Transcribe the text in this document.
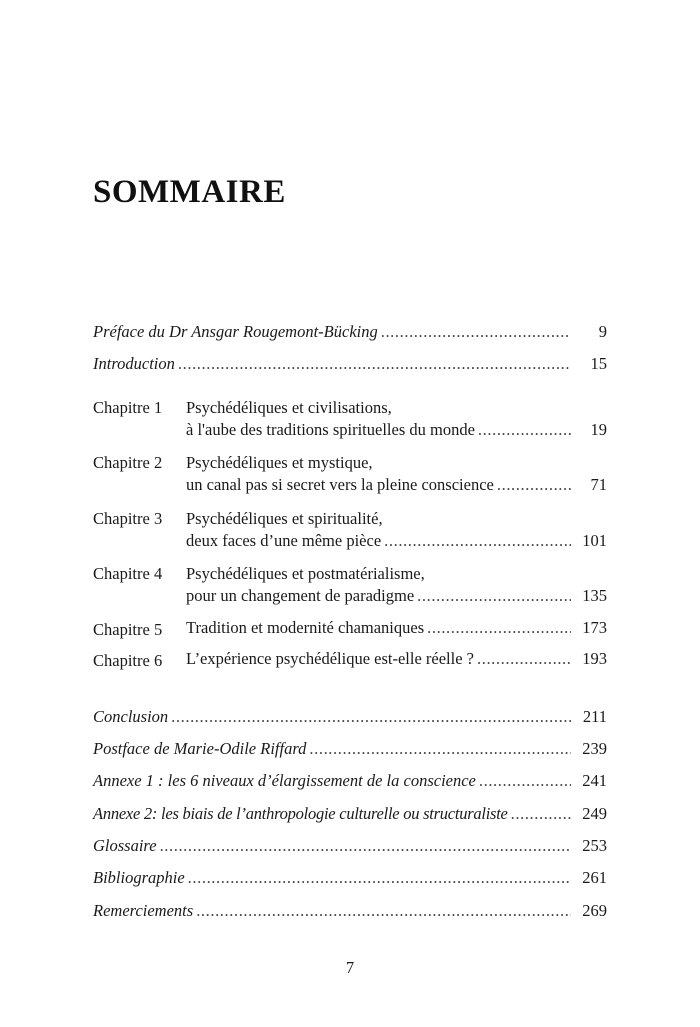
SOMMAIRE
Préface du Dr Ansgar Rougemont-Bücking .....	9
Introduction .....	15
Chapitre 1 Psychédéliques et civilisations,
à l'aube des traditions spirituelles du monde .....	19
Chapitre 2 Psychédéliques et mystique,
un canal pas si secret vers la pleine conscience .....	71
Chapitre 3 Psychédéliques et spiritualité,
deux faces d’une même pièce .....	101
Chapitre 4 Psychédéliques et postmatérialisme,
pour un changement de paradigme .....	135
Chapitre 5 Tradition et modernité chamaniques .....	173
Chapitre 6 L’expérience psychédélique est-elle réelle ? .....	193
Conclusion .....	211
Postface de Marie-Odile Riffard .....	239
Annexe 1 : les 6 niveaux d’élargissement de la conscience .....	241
Annexe 2: les biais de l’anthropologie culturelle ou structuraliste .....	249
Glossaire .....	253
Bibliographie .....	261
Remerciements .....	269
7
